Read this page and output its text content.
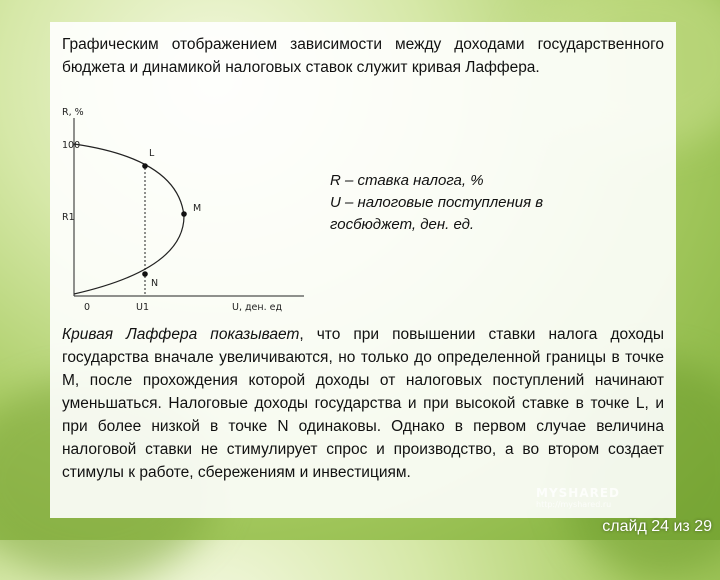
Графическим отображением зависимости между доходами государственного бюджета и динамикой налоговых ставок служит кривая Лаффера.

R, %
100
R1
0	U1	U, ден. ед
L
M
N
R – ставка налога, %
U – налоговые поступления в госбюджет, ден. ед.

Кривая Лаффера показывает, что при повышении ставки налога доходы государства вначале увеличиваются, но только до определенной границы в точке М, после прохождения которой доходы от налоговых поступлений начинают уменьшаться. Налоговые доходы государства и при высокой ставке в точке L, и при более низкой в точке N одинаковы. Однако в первом случае величина налоговой ставки не стимулирует спрос и производство, а во втором создает стимулы к работе, сбережениям и инвестициям.

MYSHARED
http://myshared.ru
слайд 24 из 29
